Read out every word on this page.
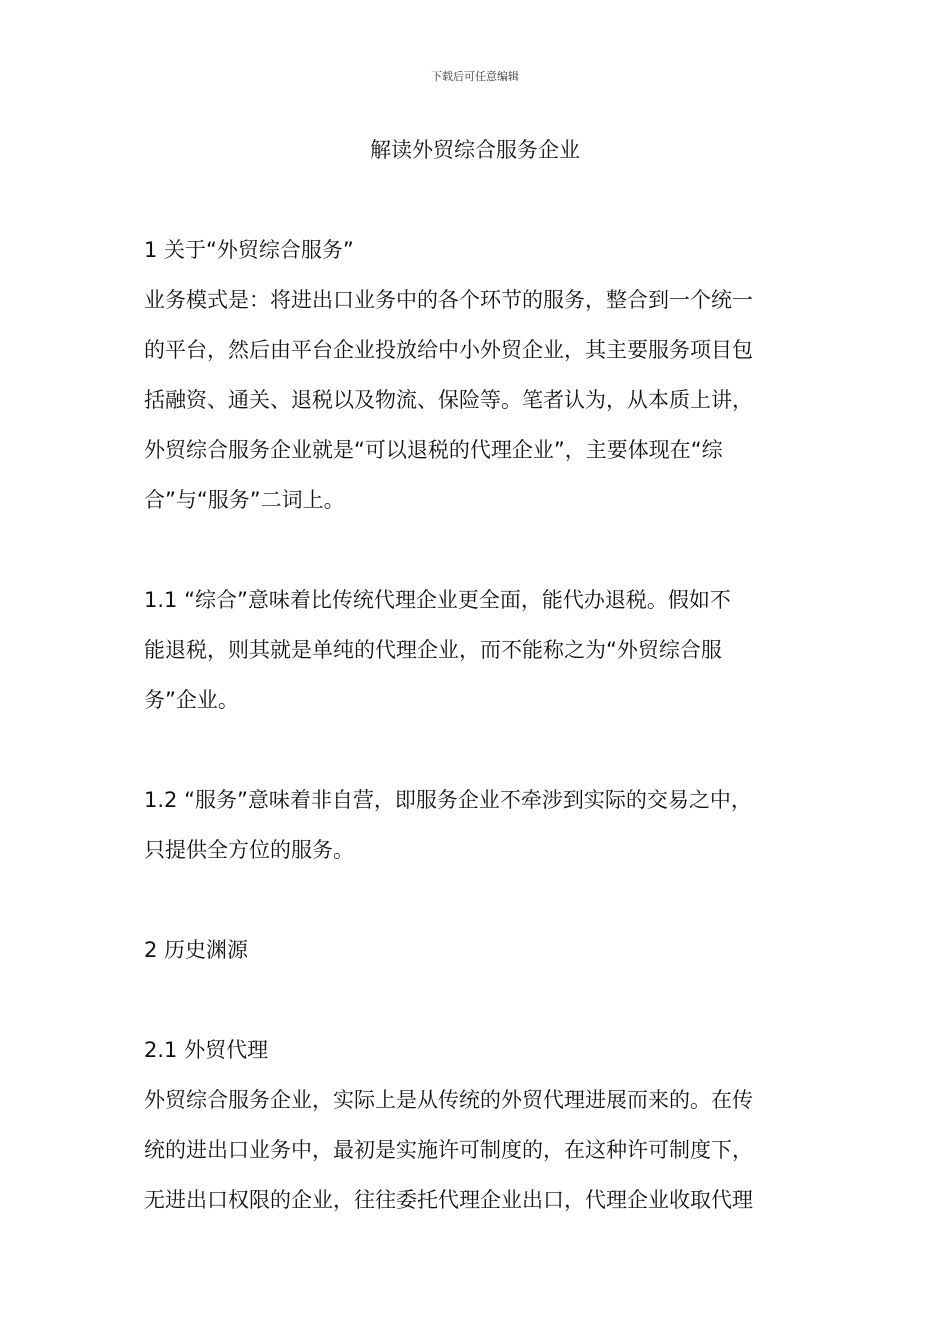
下载后可任意编辑
解读外贸综合服务企业
1 关于“外贸综合服务”
业务模式是：将进出口业务中的各个环节的服务，整合到一个统一
的平台，然后由平台企业投放给中小外贸企业，其主要服务项目包
括融资、通关、退税以及物流、保险等。笔者认为，从本质上讲，
外贸综合服务企业就是“可以退税的代理企业”，主要体现在“综
合”与“服务”二词上。
1.1 “综合”意味着比传统代理企业更全面，能代办退税。假如不
能退税，则其就是单纯的代理企业，而不能称之为“外贸综合服
务”企业。
1.2 “服务”意味着非自营，即服务企业不牵涉到实际的交易之中，
只提供全方位的服务。
2 历史渊源
2.1 外贸代理
外贸综合服务企业，实际上是从传统的外贸代理进展而来的。在传
统的进出口业务中，最初是实施许可制度的，在这种许可制度下，
无进出口权限的企业，往往委托代理企业出口，代理企业收取代理
